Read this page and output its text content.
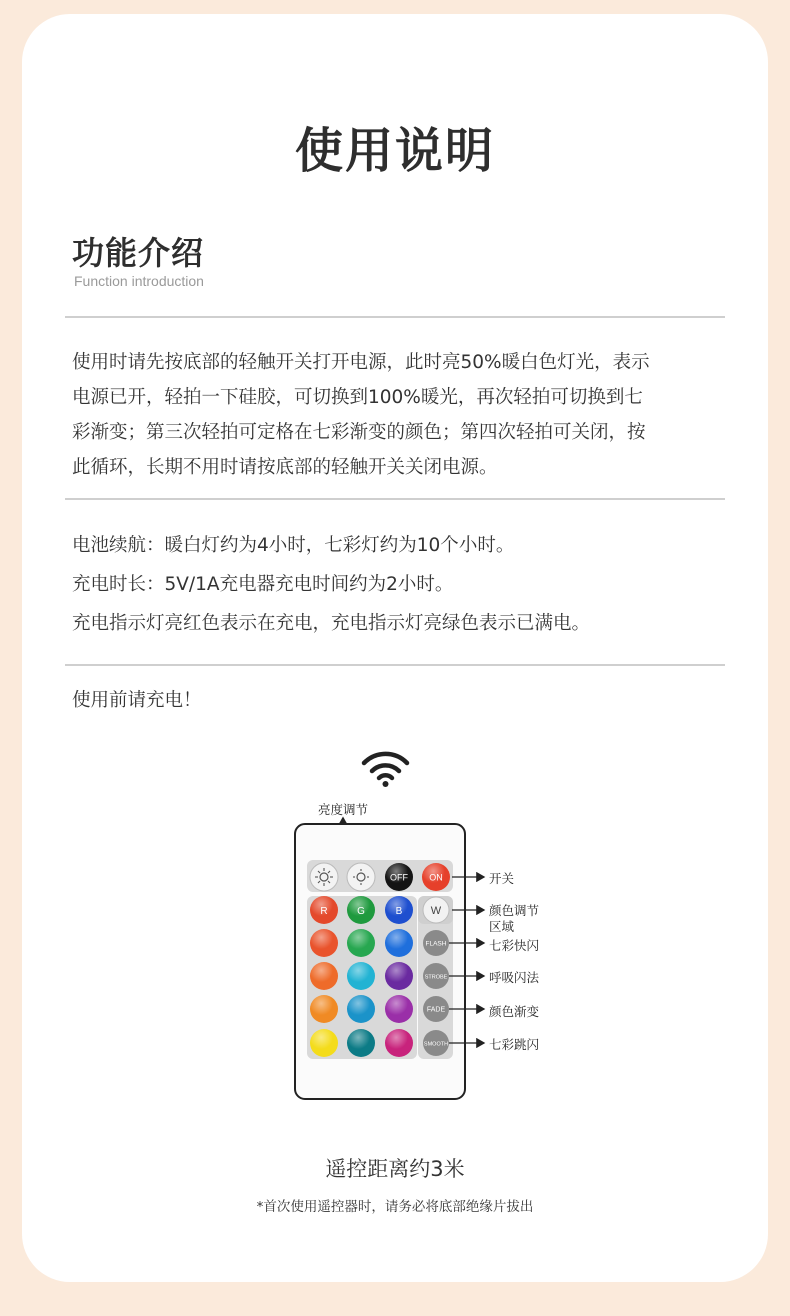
使用说明
功能介绍
Function introduction
使用时请先按底部的轻触开关打开电源，此时亮50%暖白色灯光，表示
电源已开，轻拍一下硅胶，可切换到100%暖光，再次轻拍可切换到七
彩渐变；第三次轻拍可定格在七彩渐变的颜色；第四次轻拍可关闭，按
此循环，长期不用时请按底部的轻触开关关闭电源。
电池续航：暖白灯约为4小时，七彩灯约为10个小时。
充电时长：5V/1A充电器充电时间约为2小时。
充电指示灯亮红色表示在充电，充电指示灯亮绿色表示已满电。
使用前请充电！
OFF ON
R	G	B	W
FLASH
STROBE
FADE
SMOOTH
亮度调节
开关
颜色调节
区域
七彩快闪
呼吸闪法
颜色渐变
七彩跳闪
遥控距离约3米
*首次使用遥控器时，请务必将底部绝缘片拔出
